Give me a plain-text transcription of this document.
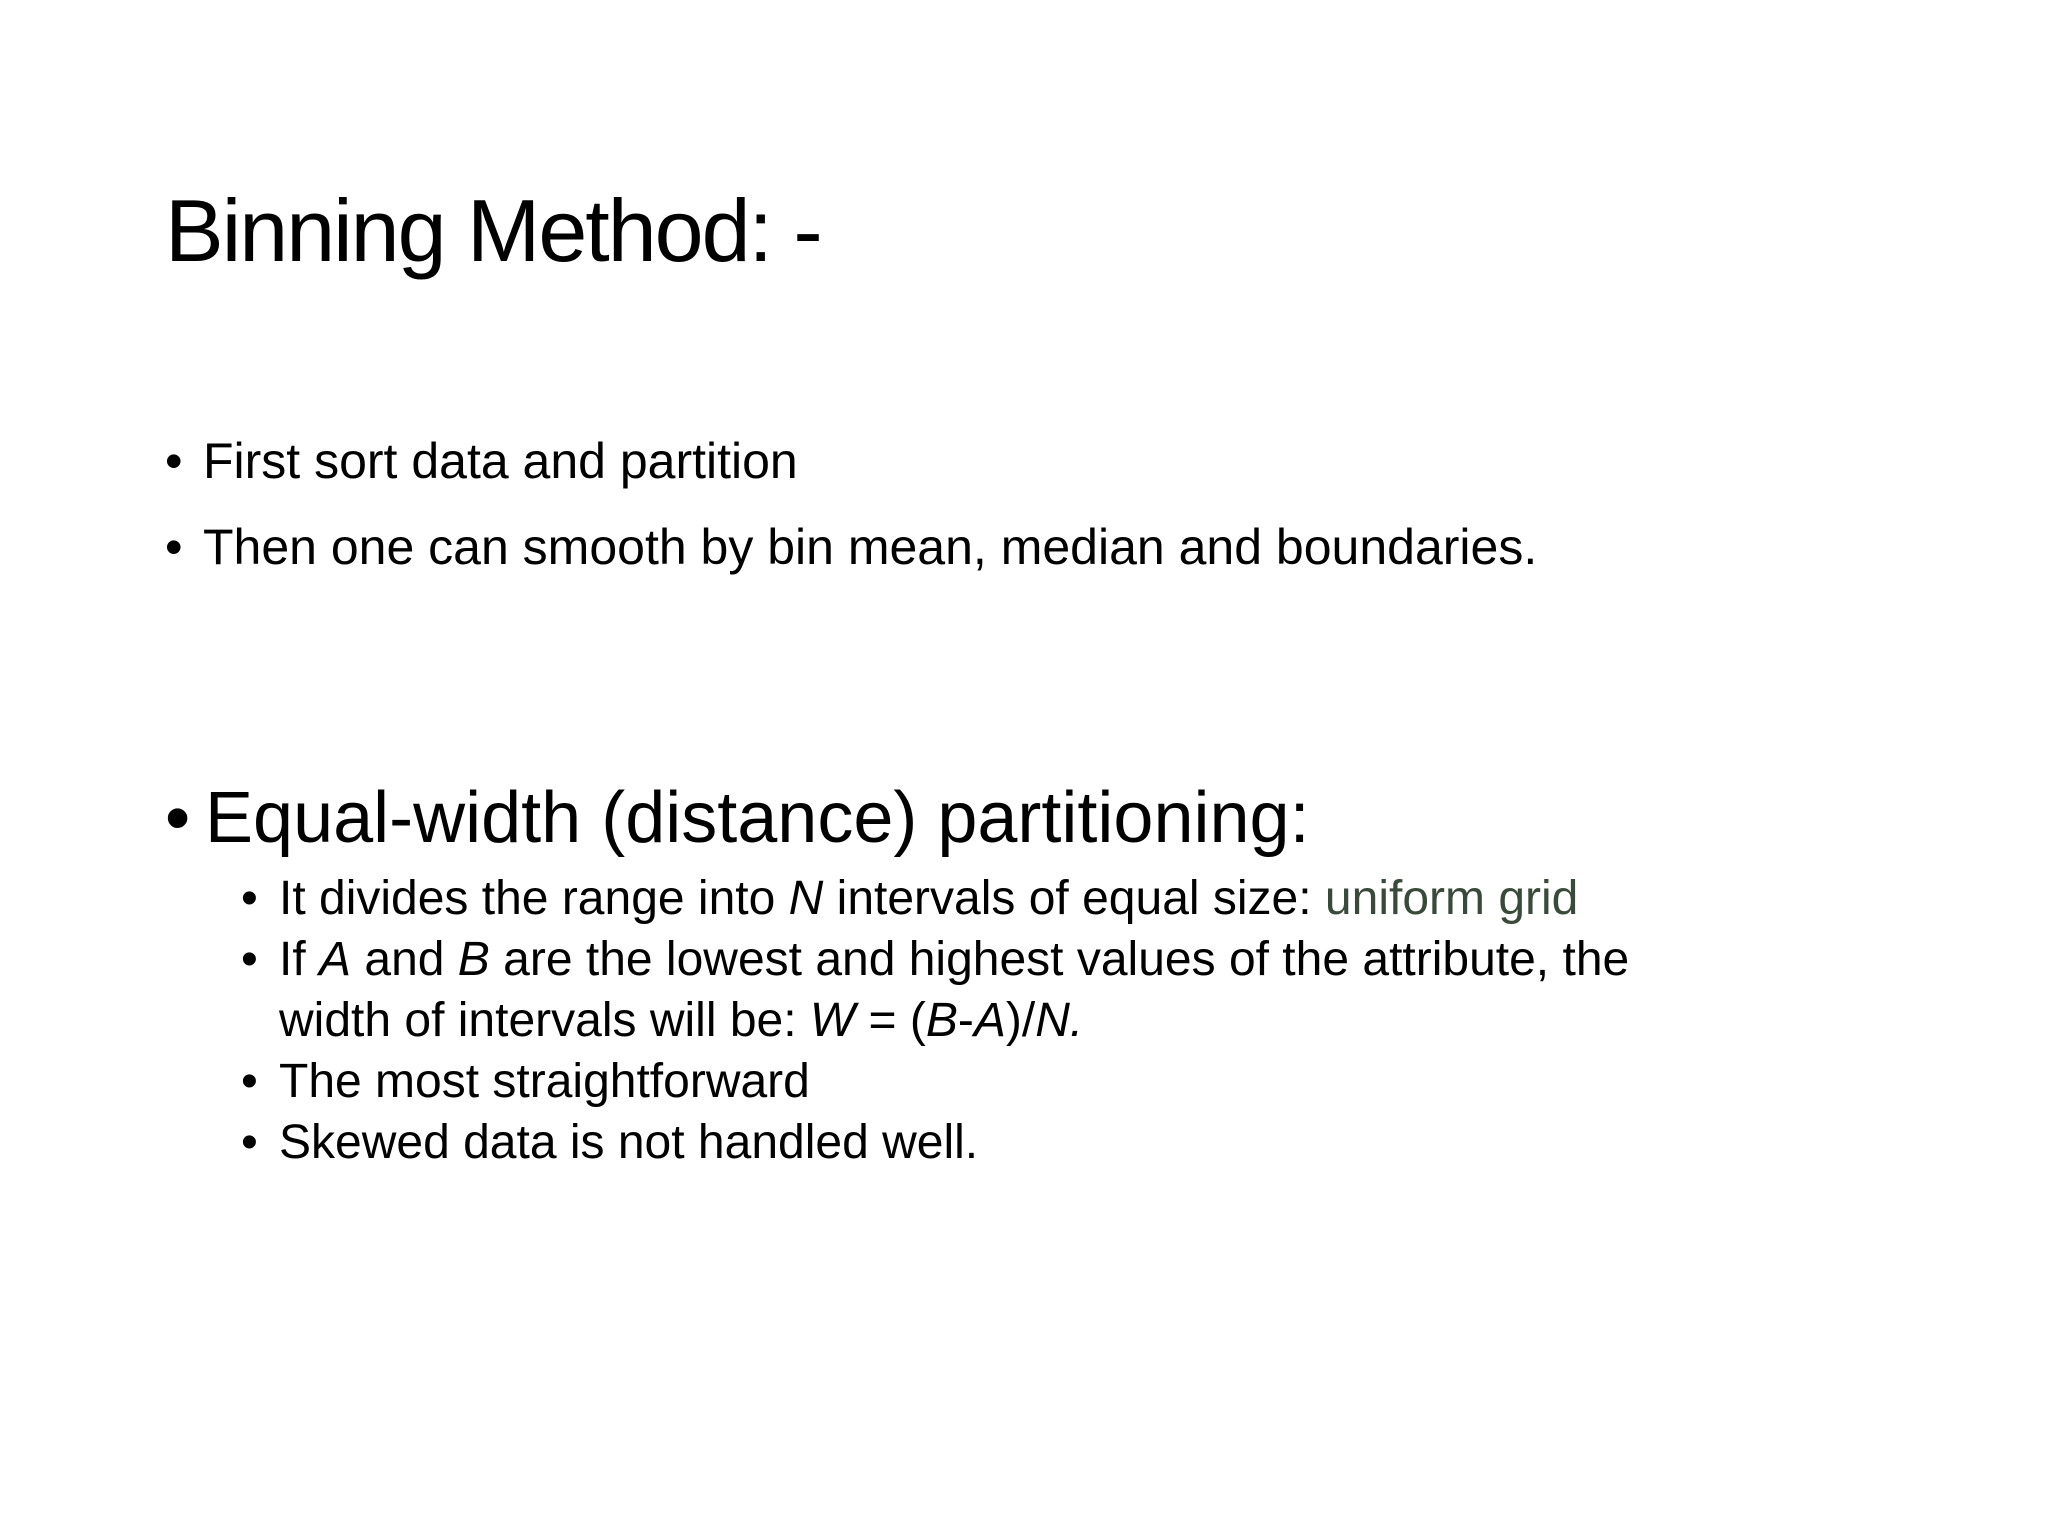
Binning Method: -
• First sort data and partition
• Then one can smooth by bin mean, median and boundaries.
• Equal-width (distance) partitioning:
• It divides the range into N intervals of equal size: uniform grid
• If A and B are the lowest and highest values of the attribute, the
width of intervals will be: W = (B-A)/N.
• The most straightforward
• Skewed data is not handled well.
